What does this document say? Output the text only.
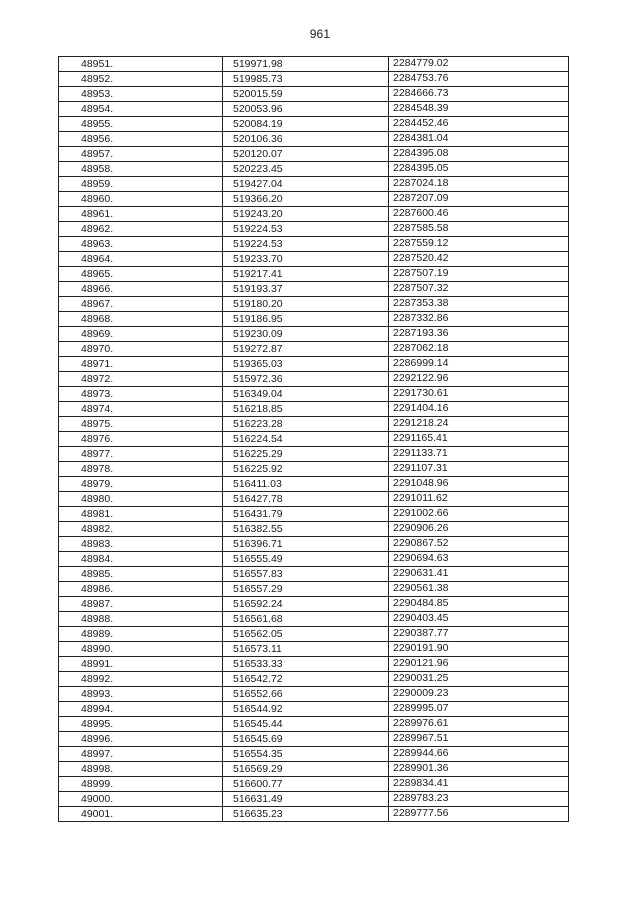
961
48951.	519971.98	2284779.02
48952.	519985.73	2284753.76
48953.	520015.59	2284666.73
48954.	520053.96	2284548.39
48955.	520084.19	2284452.46
48956.	520106.36	2284381.04
48957.	520120.07	2284395.08
48958.	520223.45	2284395.05
48959.	519427.04	2287024.18
48960.	519366.20	2287207.09
48961.	519243.20	2287600.46
48962.	519224.53	2287585.58
48963.	519224.53	2287559.12
48964.	519233.70	2287520.42
48965.	519217.41	2287507.19
48966.	519193.37	2287507.32
48967.	519180.20	2287353.38
48968.	519186.95	2287332.86
48969.	519230.09	2287193.36
48970.	519272.87	2287062.18
48971.	519365.03	2286999.14
48972.	515972.36	2292122.96
48973.	516349.04	2291730.61
48974.	516218.85	2291404.16
48975.	516223.28	2291218.24
48976.	516224.54	2291165.41
48977.	516225.29	2291133.71
48978.	516225.92	2291107.31
48979.	516411.03	2291048.96
48980.	516427.78	2291011.62
48981.	516431.79	2291002.66
48982.	516382.55	2290906.26
48983.	516396.71	2290867.52
48984.	516555.49	2290694.63
48985.	516557.83	2290631.41
48986.	516557.29	2290561.38
48987.	516592.24	2290484.85
48988.	516561.68	2290403.45
48989.	516562.05	2290387.77
48990.	516573.11	2290191.90
48991.	516533.33	2290121.96
48992.	516542.72	2290031.25
48993.	516552.66	2290009.23
48994.	516544.92	2289995.07
48995.	516545.44	2289976.61
48996.	516545.69	2289967.51
48997.	516554.35	2289944.66
48998.	516569.29	2289901.36
48999.	516600.77	2289834.41
49000.	516631.49	2289783.23
49001.	516635.23	2289777.56
